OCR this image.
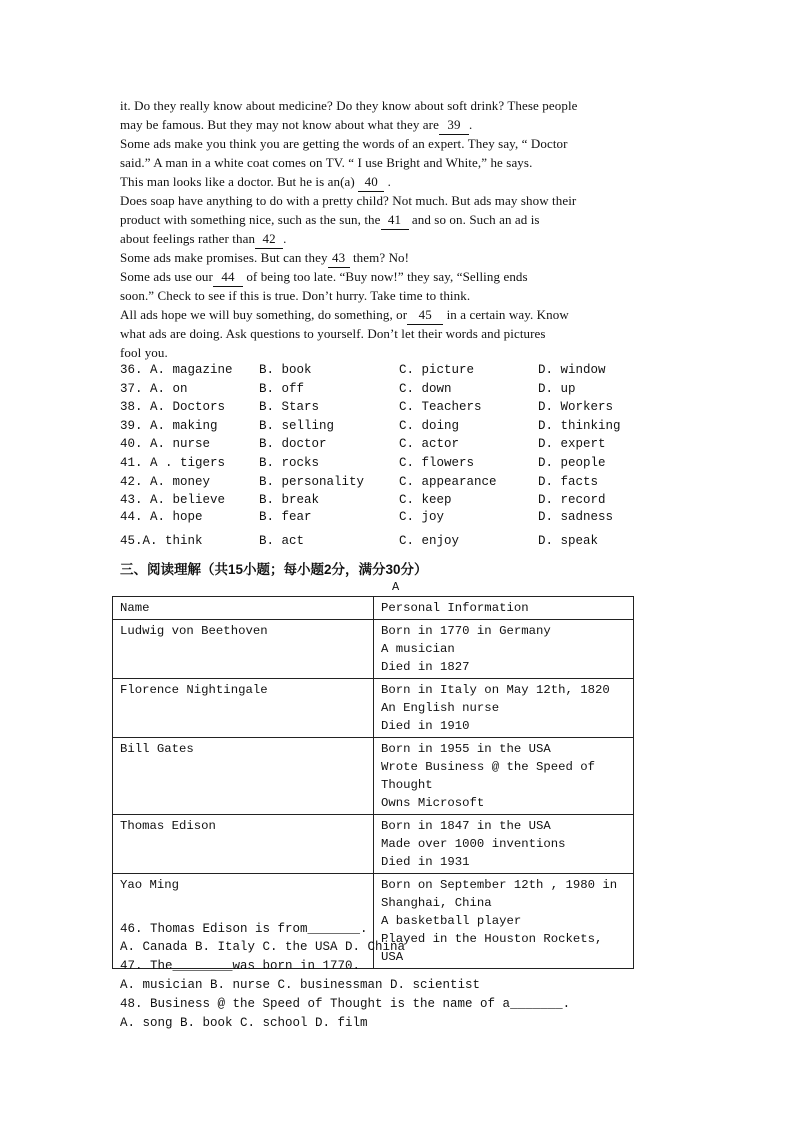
it. Do they really know about medicine? Do they know about soft drink? These people
may be famous. But they may not know about what they are 39 .
Some ads make you think you are getting the words of an expert. They say, “ Doctor
said.” A man in a white coat comes on TV. “ I use Bright and White,” he says.
This man looks like a doctor. But he is an(a) 40 .
Does soap have anything to do with a pretty child? Not much. But ads may show their
product with something nice, such as the sun, the 41 and so on. Such an ad is
about feelings rather than 42 .
Some ads make promises. But can they 43 them? No!
Some ads use our 44 of being too late. “Buy now!” they say, “Selling ends
soon.” Check to see if this is true. Don’t hurry. Take time to think.
All ads hope we will buy something, do something, or 45 in a certain way. Know
what ads are doing. Ask questions to yourself. Don’t let their words and pictures
fool you.
36. A. magazine B. book	C. picture	D. window
37. A. on	B. off	C. down	D. up
38. A. Doctors	B. Stars	C. Teachers	D. Workers
39. A. making	B. selling	C. doing	D. thinking
40. A. nurse	B. doctor	C. actor	D. expert
41. A . tigers	B. rocks	C. flowers	D. people
42. A. money	B. personality	C. appearance	D. facts
43. A. believe	B. break	C. keep	D. record
44. A. hope	B. fear	C. joy	D. sadness
45.A. think	B. act	C. enjoy	D. speak
三、阅读理解（共15小题；每小题2分，满分30分）
A
Name	Personal Information
Ludwig von Beethoven	Born in 1770 in Germany
A musician
Died in 1827

Florence Nightingale	Born in Italy on May 12th, 1820
An English nurse
Died in 1910

Bill Gates	Born in 1955 in the USA
Wrote Business @ the Speed of Thought
Owns Microsoft

Thomas Edison	Born in 1847 in the USA
Made over 1000 inventions
Died in 1931

Yao Ming	Born on September 12th , 1980 in
Shanghai, China
A basketball player
Played in the Houston Rockets, USA
46. Thomas Edison is from_______.
A. Canada B. Italy C. the USA D. China
47. The________was born in 1770.
A. musician B. nurse C. businessman D. scientist
48. Business @ the Speed of Thought is the name of a_______.
A. song B. book C. school D. film
